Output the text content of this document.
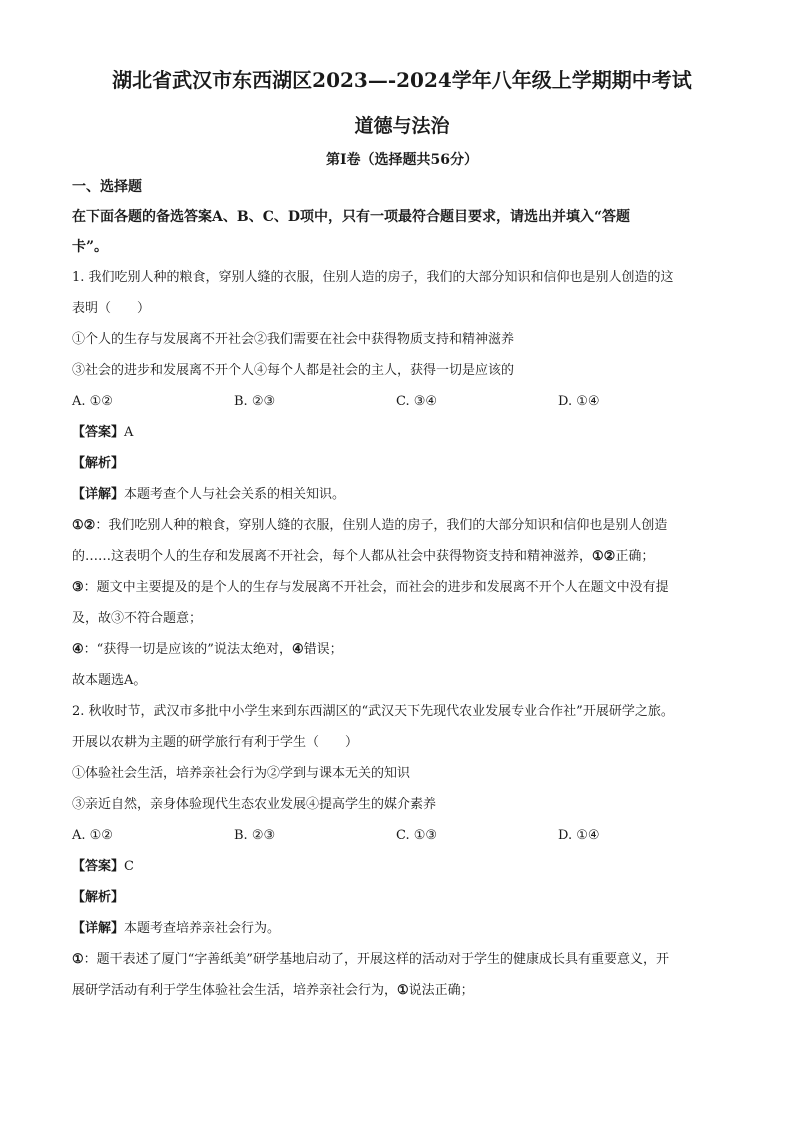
湖北省武汉市东西湖区2023—-2024学年八年级上学期期中考试
道德与法治
第Ⅰ卷（选择题共56分）
一、选择题
在下面各题的备选答案A、B、C、D项中，只有一项最符合题目要求，请选出并填入“答题
卡”。
1. 我们吃别人种的粮食，穿别人缝的衣服，住别人造的房子，我们的大部分知识和信仰也是别人创造的这
表明（　　）
①个人的生存与发展离不开社会②我们需要在社会中获得物质支持和精神滋养
③社会的进步和发展离不开个人④每个人都是社会的主人，获得一切是应该的
A. ①②	B. ②③	C. ③④	D. ①④
【答案】A
【解析】
【详解】本题考查个人与社会关系的相关知识。
①②：我们吃别人种的粮食，穿别人缝的衣服，住别人造的房子，我们的大部分知识和信仰也是别人创造
的……这表明个人的生存和发展离不开社会，每个人都从社会中获得物资支持和精神滋养，①②正确；
③：题文中主要提及的是个人的生存与发展离不开社会，而社会的进步和发展离不开个人在题文中没有提
及，故③不符合题意；
④：“获得一切是应该的”说法太绝对，④错误；
故本题选A。
2. 秋收时节，武汉市多批中小学生来到东西湖区的“武汉天下先现代农业发展专业合作社”开展研学之旅。
开展以农耕为主题的研学旅行有利于学生（　　）
①体验社会生活，培养亲社会行为②学到与课本无关的知识
③亲近自然，亲身体验现代生态农业发展④提高学生的媒介素养
A. ①②	B. ②③	C. ①③	D. ①④
【答案】C
【解析】
【详解】本题考查培养亲社会行为。
①：题干表述了厦门“字善纸美”研学基地启动了，开展这样的活动对于学生的健康成长具有重要意义，开
展研学活动有利于学生体验社会生活，培养亲社会行为，①说法正确；
